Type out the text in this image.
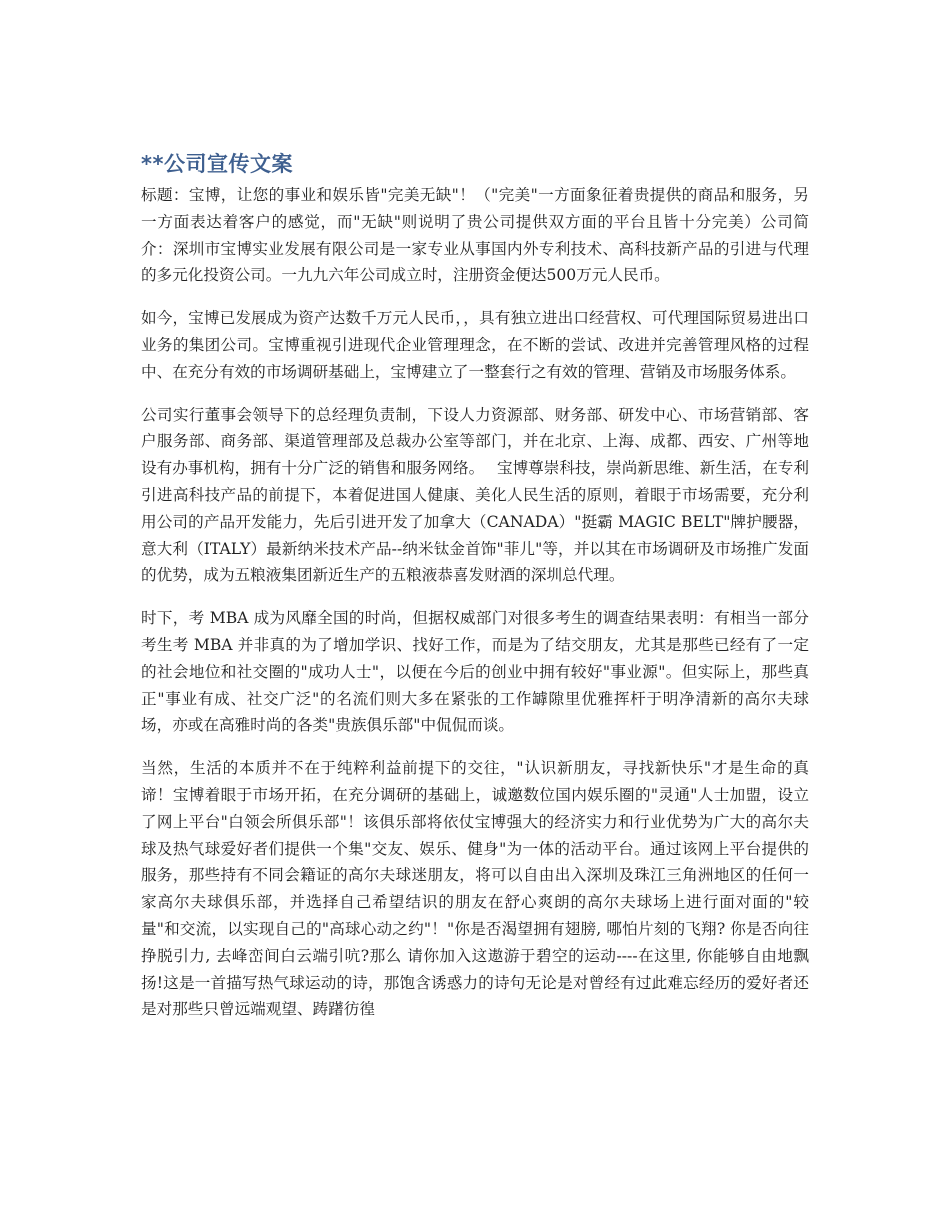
**公司宣传文案

标题：宝博，让您的事业和娱乐皆"完美无缺"！（"完美"一方面象征着贵提供的商品和服务，另一方面表达着客户的感觉，而"无缺"则说明了贵公司提供双方面的平台且皆十分完美）公司简介：深圳市宝博实业发展有限公司是一家专业从事国内外专利技术、高科技新产品的引进与代理的多元化投资公司。一九九六年公司成立时，注册资金便达500万元人民币。

如今，宝博已发展成为资产达数千万元人民币，，具有独立进出口经营权、可代理国际贸易进出口业务的集团公司。宝博重视引进现代企业管理理念，在不断的尝试、改进并完善管理风格的过程中、在充分有效的市场调研基础上，宝博建立了一整套行之有效的管理、营销及市场服务体系。

公司实行董事会领导下的总经理负责制，下设人力资源部、财务部、研发中心、市场营销部、客户服务部、商务部、渠道管理部及总裁办公室等部门，并在北京、上海、成都、西安、广州等地设有办事机构，拥有十分广泛的销售和服务网络。　 宝博尊崇科技，崇尚新思维、新生活，在专利引进高科技产品的前提下，本着促进国人健康、美化人民生活的原则，着眼于市场需要，充分利用公司的产品开发能力，先后引进开发了加拿大（CANADA）"挺霸 MAGIC BELT"牌护腰器，意大利（ITALY）最新纳米技术产品--纳米钛金首饰"菲儿"等，并以其在市场调研及市场推广发面的优势，成为五粮液集团新近生产的五粮液恭喜发财酒的深圳总代理。

时下，考 MBA 成为风靡全国的时尚，但据权威部门对很多考生的调查结果表明：有相当一部分考生考 MBA 并非真的为了增加学识、找好工作，而是为了结交朋友，尤其是那些已经有了一定的社会地位和社交圈的"成功人士"，以便在今后的创业中拥有较好"事业源"。但实际上，那些真正"事业有成、社交广泛"的名流们则大多在紧张的工作罅隙里优雅挥杆于明净清新的高尔夫球场，亦或在高雅时尚的各类"贵族俱乐部"中侃侃而谈。

当然，生活的本质并不在于纯粹利益前提下的交往，"认识新朋友，寻找新快乐"才是生命的真谛！宝博着眼于市场开拓，在充分调研的基础上，诚邀数位国内娱乐圈的"灵通"人士加盟，设立了网上平台"白领会所俱乐部"！该俱乐部将依仗宝博强大的经济实力和行业优势为广大的高尔夫球及热气球爱好者们提供一个集"交友、娱乐、健身"为一体的活动平台。通过该网上平台提供的服务，那些持有不同会籍证的高尔夫球迷朋友，将可以自由出入深圳及珠江三角洲地区的任何一家高尔夫球俱乐部，并选择自己希望结识的朋友在舒心爽朗的高尔夫球场上进行面对面的"较量"和交流，以实现自己的"高球心动之约"！"你是否渴望拥有翅膀, 哪怕片刻的飞翔? 你是否向往挣脱引力, 去峰峦间白云端引吭?那么 请你加入这遨游于碧空的运动----在这里, 你能够自由地飘扬!这是一首描写热气球运动的诗，那饱含诱惑力的诗句无论是对曾经有过此难忘经历的爱好者还是对那些只曾远端观望、踌躇彷徨
